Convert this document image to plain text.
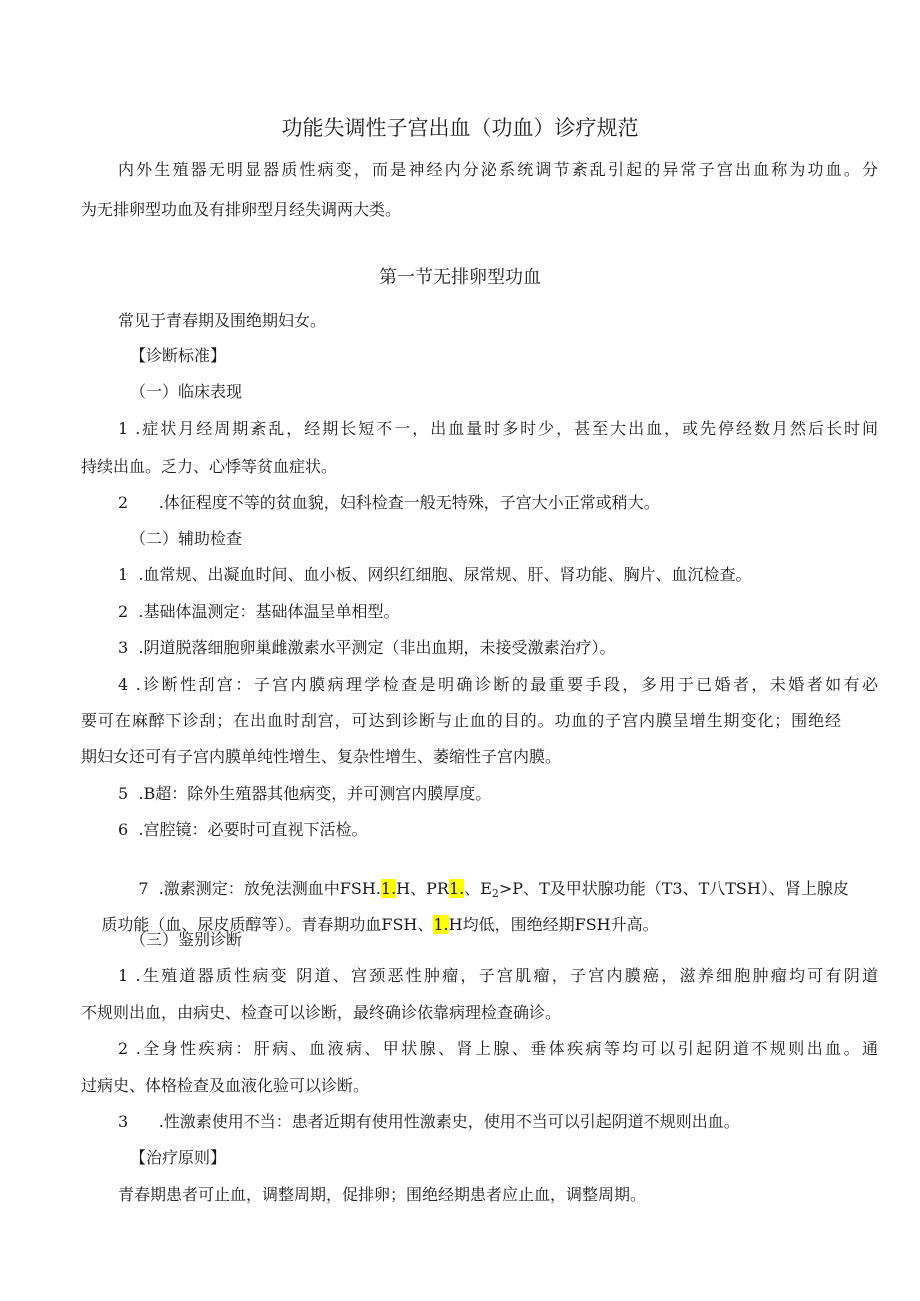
功能失调性子宫出血（功血）诊疗规范
内外生殖器无明显器质性病变，而是神经内分泌系统调节紊乱引起的异常子宫出血称为功血。分
为无排卵型功血及有排卵型月经失调两大类。
第一节无排卵型功血
常见于青春期及围绝期妇女。
【诊断标准】
（一）临床表现
1 .症状月经周期紊乱，经期长短不一，出血量时多时少，甚至大出血，或先停经数月然后长时间
持续出血。乏力、心悸等贫血症状。
2      .体征程度不等的贫血貌，妇科检查一般无特殊，子宫大小正常或稍大。
（二）辅助检查
1  .血常规、出凝血时间、血小板、网织红细胞、尿常规、肝、肾功能、胸片、血沉检查。
2  .基础体温测定：基础体温呈单相型。
3  .阴道脱落细胞卵巢雌激素水平测定（非出血期，未接受激素治疗）。
4 .诊断性刮宫：子宫内膜病理学检查是明确诊断的最重要手段，多用于已婚者，未婚者如有必
要可在麻醉下诊刮；在出血时刮宫，可达到诊断与止血的目的。功血的子宫内膜呈增生期变化；围绝经
期妇女还可有子宫内膜单纯性增生、复杂性增生、萎缩性子宫内膜。
5  .B超：除外生殖器其他病变，并可测宫内膜厚度。
6  .宫腔镜：必要时可直视下活检。

7  .激素测定：放免法测血中FSH.1.H、PR1.、$E_2>P$、T及甲状腺功能（T3、T八TSH）、肾上腺皮

质功能（血、尿皮质醇等）。青春期功血FSH、1.H均低，围绝经期FSH升高。

（三）鉴别诊断
1 .生殖道器质性病变 阴道、宫颈恶性肿瘤，子宫肌瘤，子宫内膜癌，滋养细胞肿瘤均可有阴道
不规则出血，由病史、检查可以诊断，最终确诊依靠病理检查确诊。
2 .全身性疾病：肝病、血液病、甲状腺、肾上腺、垂体疾病等均可以引起阴道不规则出血。通
过病史、体格检查及血液化验可以诊断。
3      .性激素使用不当：患者近期有使用性激素史，使用不当可以引起阴道不规则出血。
【治疗原则】
青春期患者可止血，调整周期，促排卵；围绝经期患者应止血，调整周期。
